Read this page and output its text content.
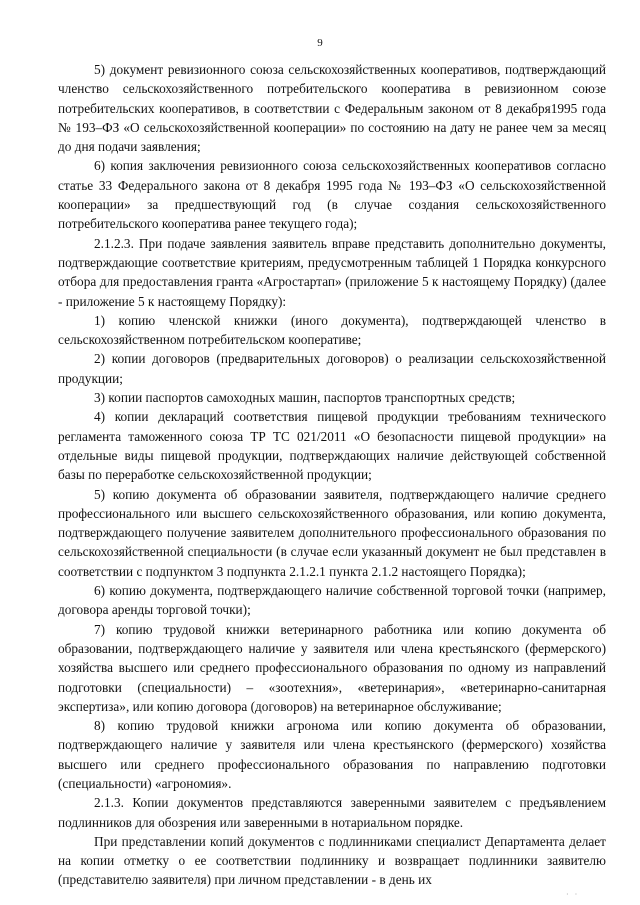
9

5) документ ревизионного союза сельскохозяйственных кооперативов, подтверждающий членство сельскохозяйственного потребительского кооператива в ревизионном союзе потребительских кооперативов, в соответствии с Федеральным законом от 8 декабря1995 года № 193–ФЗ «О сельскохозяйственной кооперации» по состоянию на дату не ранее чем за месяц до дня подачи заявления;

6) копия заключения ревизионного союза сельскохозяйственных кооперативов согласно статье 33 Федерального закона от 8 декабря 1995 года № 193–ФЗ «О сельскохозяйственной кооперации» за предшествующий год (в случае создания сельскохозяйственного потребительского кооператива ранее текущего года);

2.1.2.3. При подаче заявления заявитель вправе представить дополнительно документы, подтверждающие соответствие критериям, предусмотренным таблицей 1 Порядка конкурсного отбора для предоставления гранта «Агростартап» (приложение 5 к настоящему Порядку) (далее - приложение 5 к настоящему Порядку):

1) копию членской книжки (иного документа), подтверждающей членство в сельскохозяйственном потребительском кооперативе;

2) копии договоров (предварительных договоров) о реализации сельскохозяйственной продукции;

3) копии паспортов самоходных машин, паспортов транспортных средств;

4) копии деклараций соответствия пищевой продукции требованиям технического регламента таможенного союза ТР ТС 021/2011 «О безопасности пищевой продукции» на отдельные виды пищевой продукции, подтверждающих наличие действующей собственной базы по переработке сельскохозяйственной продукции;

5) копию документа об образовании заявителя, подтверждающего наличие среднего профессионального или высшего сельскохозяйственного образования, или копию документа, подтверждающего получение заявителем дополнительного профессионального образования по сельскохозяйственной специальности (в случае если указанный документ не был представлен в соответствии с подпунктом 3 подпункта 2.1.2.1 пункта 2.1.2 настоящего Порядка);

6) копию документа, подтверждающего наличие собственной торговой точки (например, договора аренды торговой точки);

7) копию трудовой книжки ветеринарного работника или копию документа об образовании, подтверждающего наличие у заявителя или члена крестьянского (фермерского) хозяйства высшего или среднего профессионального образования по одному из направлений подготовки (специальности) – «зоотехния», «ветеринария», «ветеринарно-санитарная экспертиза», или копию договора (договоров) на ветеринарное обслуживание;

8) копию трудовой книжки агронома или копию документа об образовании, подтверждающего наличие у заявителя или члена крестьянского (фермерского) хозяйства высшего или среднего профессионального образования по направлению подготовки (специальности) «агрономия».

2.1.3. Копии документов представляются заверенными заявителем с предъявлением подлинников для обозрения или заверенными в нотариальном порядке.

При представлении копий документов с подлинниками специалист Департамента делает на копии отметку о ее соответствии подлиннику и возвращает подлинники заявителю (представителю заявителя) при личном представлении - в день их

· ·
